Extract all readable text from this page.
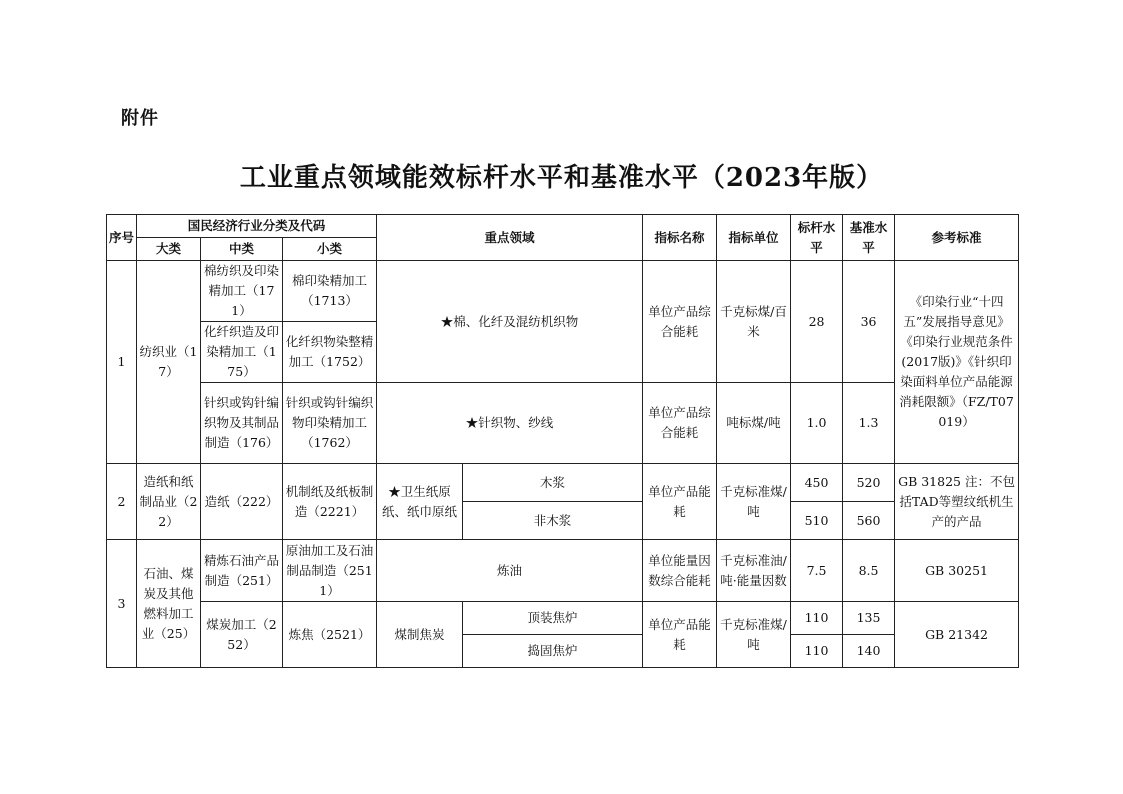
附件
工业重点领域能效标杆水平和基准水平（2023年版）
序号	国民经济行业分类及代码			重点领域		指标名称	指标单位	标杆水平	基准水平	参考标准
	大类	中类	小类							
1	纺织业（17）	棉纺织及印染精加工（171）	棉印染精加工（1713）	★棉、化纤及混纺机织物		单位产品综合能耗	千克标煤/百米	28	36	《印染行业“十四五”发展指导意见》《印染行业规范条件(2017版)》《针织印染面料单位产品能源消耗限额》（FZ/T07019）
		化纤织造及印染精加工（175）	化纤织物染整精加工（1752）							
		针织或钩针编织物及其制品制造（176）	针织或钩针编织物印染精加工（1762）	★针织物、纱线		单位产品综合能耗	吨标煤/吨	1.0	1.3	
2	造纸和纸制品业（22）	造纸（222）	机制纸及纸板制造（2221）	★卫生纸原纸、纸巾原纸	木浆	单位产品能耗	千克标准煤/吨	450	520	GB 31825 注：不包括TAD等塑纹纸机生产的产品
					非木浆			510	560	
3	石油、煤炭及其他燃料加工业（25）	精炼石油产品制造（251）	原油加工及石油制品制造（2511）	炼油		单位能量因数综合能耗	千克标准油/吨·能量因数	7.5	8.5	GB 30251
		煤炭加工（252）	炼焦（2521）	煤制焦炭	顶装焦炉	单位产品能耗	千克标准煤/吨	110	135	GB 21342
					捣固焦炉			110	140	
